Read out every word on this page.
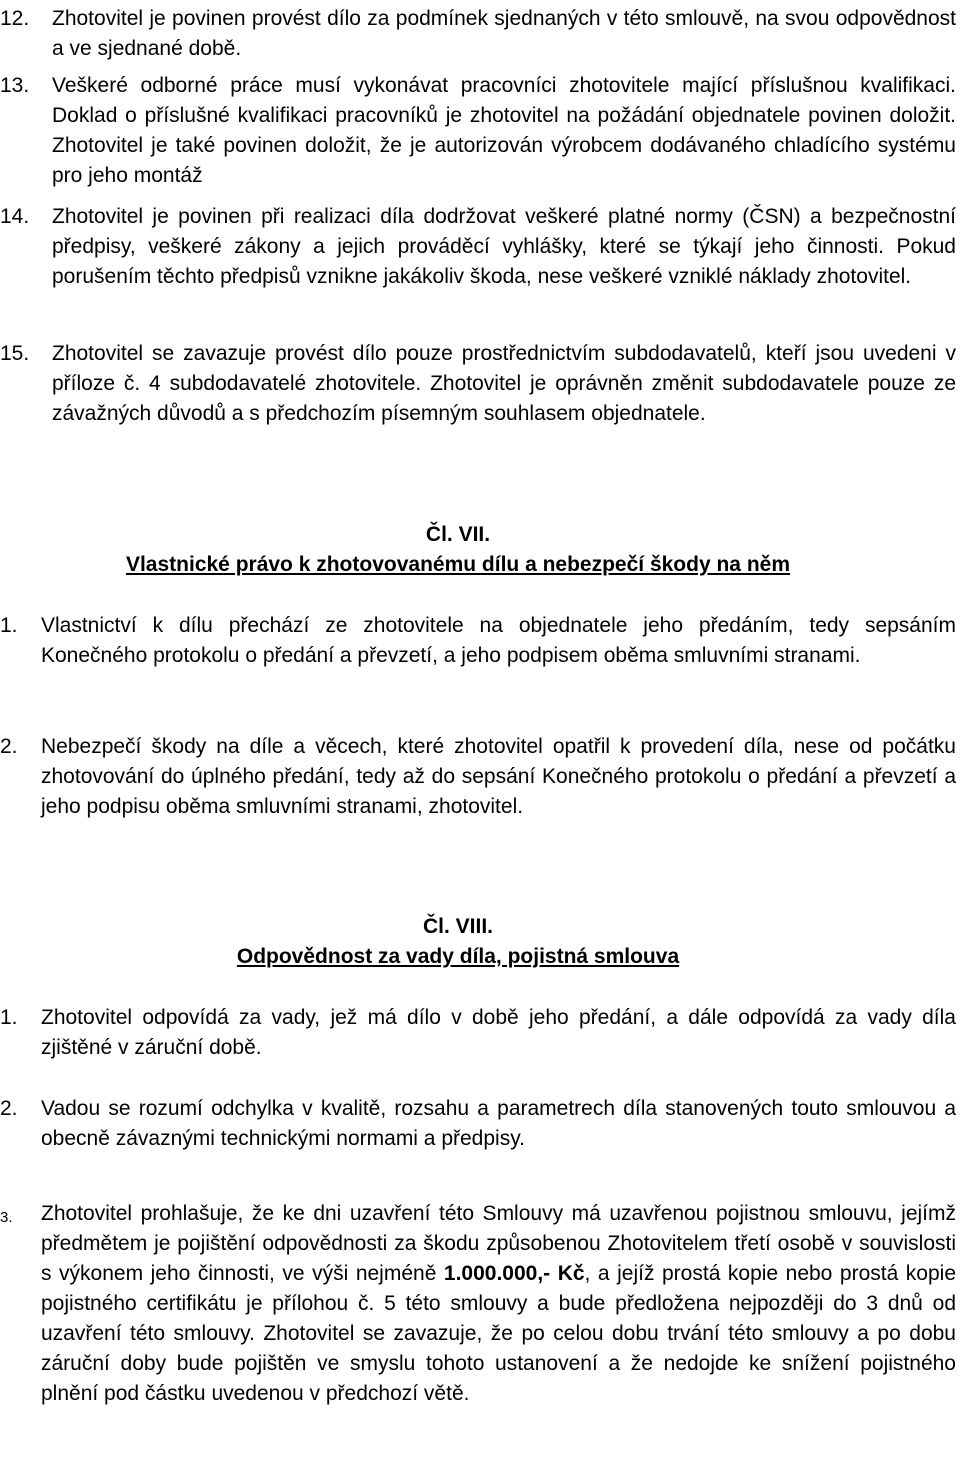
12. Zhotovitel je povinen provést dílo za podmínek sjednaných v této smlouvě, na svou odpovědnost a ve sjednané době.
13. Veškeré odborné práce musí vykonávat pracovníci zhotovitele mající příslušnou kvalifikaci. Doklad o příslušné kvalifikaci pracovníků je zhotovitel na požádání objednatele povinen doložit. Zhotovitel je také povinen doložit, že je autorizován výrobcem dodávaného chladícího systému pro jeho montáž
14. Zhotovitel je povinen při realizaci díla dodržovat veškeré platné normy (ČSN) a bezpečnostní předpisy, veškeré zákony a jejich prováděcí vyhlášky, které se týkají jeho činnosti. Pokud porušením těchto předpisů vznikne jakákoliv škoda, nese veškeré vzniklé náklady zhotovitel.
15. Zhotovitel se zavazuje provést dílo pouze prostřednictvím subdodavatelů, kteří jsou uvedeni v příloze č. 4 subdodavatelé zhotovitele. Zhotovitel je oprávněn změnit subdodavatele pouze ze závažných důvodů a s předchozím písemným souhlasem objednatele.
Čl. VII.
Vlastnické právo k zhotovovanému dílu a nebezpečí škody na něm
1. Vlastnictví k dílu přechází ze zhotovitele na objednatele jeho předáním, tedy sepsáním Konečného protokolu o předání a převzetí, a jeho podpisem oběma smluvními stranami.
2. Nebezpečí škody na díle a věcech, které zhotovitel opatřil k provedení díla, nese od počátku zhotovování do úplného předání, tedy až do sepsání Konečného protokolu o předání a převzetí a jeho podpisu oběma smluvními stranami, zhotovitel.
Čl. VIII.
Odpovědnost za vady díla, pojistná smlouva
1. Zhotovitel odpovídá za vady, jež má dílo v době jeho předání, a dále odpovídá za vady díla zjištěné v záruční době.
2. Vadou se rozumí odchylka v kvalitě, rozsahu a parametrech díla stanovených touto smlouvou a obecně závaznými technickými normami a předpisy.
3. Zhotovitel prohlašuje, že ke dni uzavření této Smlouvy má uzavřenou pojistnou smlouvu, jejímž předmětem je pojištění odpovědnosti za škodu způsobenou Zhotovitelem třetí osobě v souvislosti s výkonem jeho činnosti, ve výši nejméně 1.000.000,- Kč, a jejíž prostá kopie nebo prostá kopie pojistného certifikátu je přílohou č. 5 této smlouvy a bude předložena nejpozději do 3 dnů od uzavření této smlouvy. Zhotovitel se zavazuje, že po celou dobu trvání této smlouvy a po dobu záruční doby bude pojištěn ve smyslu tohoto ustanovení a že nedojde ke snížení pojistného plnění pod částku uvedenou v předchozí větě.
